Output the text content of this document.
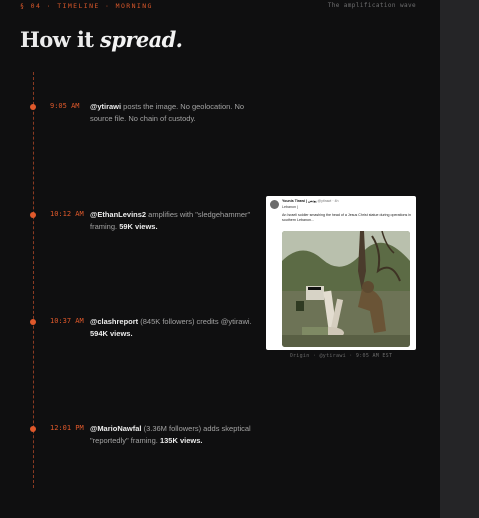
§ 04 · TIMELINE · MORNING	The amplification wave
How it spread.
9:05 AM	@ytirawi posts the image. No geolocation. No source file. No chain of custody.

10:12 AM @EthanLevins2 amplifies with "sledgehammer" framing. 59K views.

10:37 AM @clashreport (845K followers) credits @ytirawi. 594K views.

12:01 PM @MarioNawfal (3.36M followers) adds skeptical "reportedly" framing. 135K views.

Younis Tirawi | يونس @ytirawi · 4h
Lebanon |
An Israeli soldier smashing the head of a Jesus Christ statue during operations in southern Lebanon...
Origin · @ytirawi · 9:05 AM EST
